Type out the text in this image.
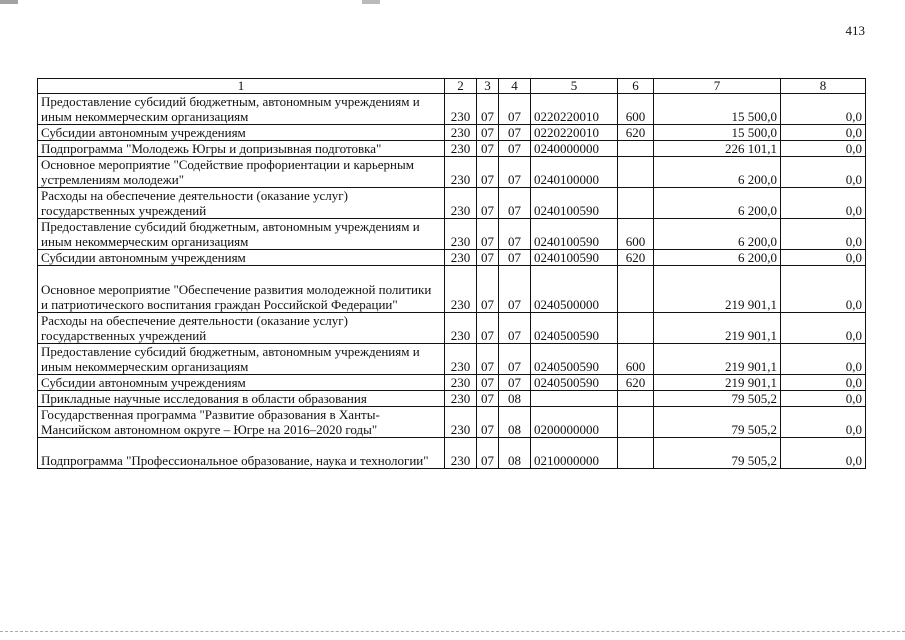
413
1	2	3	4	5	6	7	8
Предоставление субсидий бюджетным, автономным учреждениям и иным некоммерческим организациям	230	07	07	0220220010	600	15 500,0	0,0
Субсидии автономным учреждениям	230	07	07	0220220010	620	15 500,0	0,0
Подпрограмма "Молодежь Югры и допризывная подготовка"	230	07	07	0240000000		226 101,1	0,0
Основное мероприятие "Содействие профориентации и карьерным устремлениям молодежи"	230	07	07	0240100000		6 200,0	0,0
Расходы на обеспечение деятельности (оказание услуг) государственных учреждений	230	07	07	0240100590		6 200,0	0,0
Предоставление субсидий бюджетным, автономным учреждениям и иным некоммерческим организациям	230	07	07	0240100590	600	6 200,0	0,0
Субсидии автономным учреждениям	230	07	07	0240100590	620	6 200,0	0,0
Основное мероприятие "Обеспечение развития молодежной политики и патриотического воспитания граждан Российской Федерации"	230	07	07	0240500000		219 901,1	0,0
Расходы на обеспечение деятельности (оказание услуг) государственных учреждений	230	07	07	0240500590		219 901,1	0,0
Предоставление субсидий бюджетным, автономным учреждениям и иным некоммерческим организациям	230	07	07	0240500590	600	219 901,1	0,0
Субсидии автономным учреждениям	230	07	07	0240500590	620	219 901,1	0,0
Прикладные научные исследования в области образования	230	07	08			79 505,2	0,0
Государственная программа "Развитие образования в Ханты-Мансийском автономном округе – Югре на 2016–2020 годы"	230	07	08	0200000000		79 505,2	0,0
Подпрограмма "Профессиональное образование, наука и технологии"	230	07	08	0210000000		79 505,2	0,0
